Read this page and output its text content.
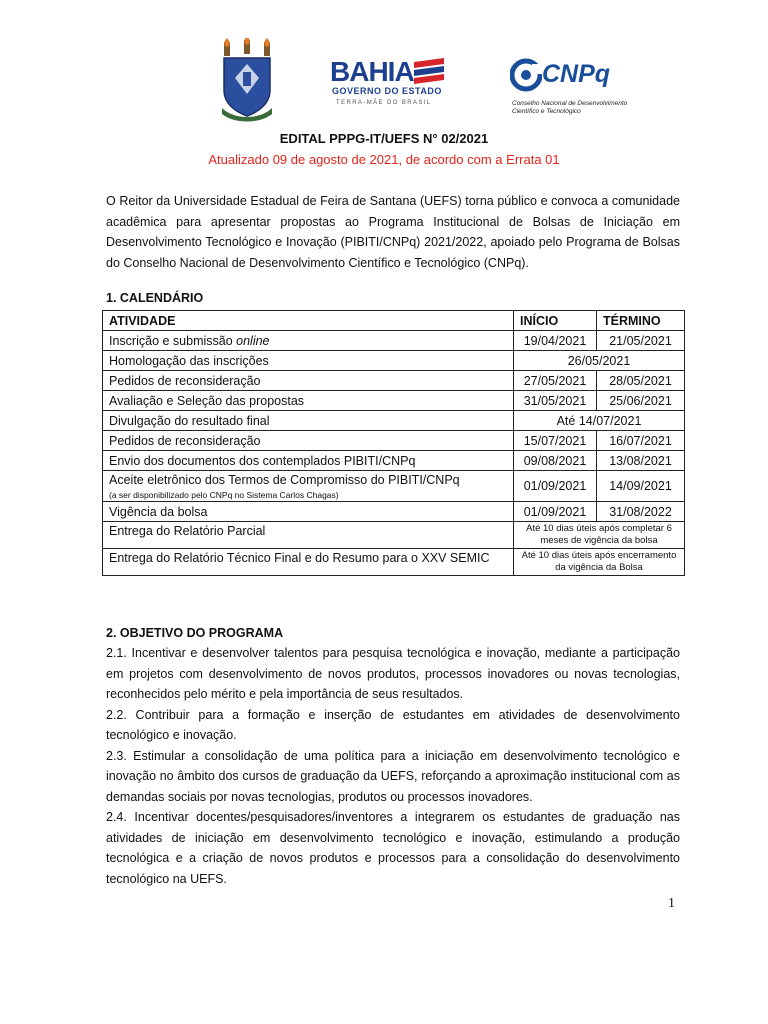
BAHIA
GOVERNO DO ESTADO
TERRA-MÃE DO BRASIL
CNPq
Conselho Nacional de Desenvolvimento Científico e Tecnológico
EDITAL PPPG-IT/UEFS N° 02/2021
Atualizado 09 de agosto de 2021, de acordo com a Errata 01
O Reitor da Universidade Estadual de Feira de Santana (UEFS) torna público e convoca a comunidade acadêmica para apresentar propostas ao Programa Institucional de Bolsas de Iniciação em Desenvolvimento Tecnológico e Inovação (PIBITI/CNPq) 2021/2022, apoiado pelo Programa de Bolsas do Conselho Nacional de Desenvolvimento Científico e Tecnológico (CNPq).
1. CALENDÁRIO
ATIVIDADE	INÍCIO	TÉRMINO
Inscrição e submissão online	19/04/2021	21/05/2021
Homologação das inscrições	26/05/2021	
Pedidos de reconsideração	27/05/2021	28/05/2021
Avaliação e Seleção das propostas	31/05/2021	25/06/2021
Divulgação do resultado final	Até 14/07/2021	
Pedidos de reconsideração	15/07/2021	16/07/2021
Envio dos documentos dos contemplados PIBITI/CNPq	09/08/2021	13/08/2021
Aceite eletrônico dos Termos de Compromisso do PIBITI/CNPq
(a ser disponibilizado pelo CNPq no Sistema Carlos Chagas)	01/09/2021	14/09/2021
Vigência da bolsa	01/09/2021	31/08/2022
Entrega do Relatório Parcial	Até 10 dias úteis após completar 6 meses de vigência da bolsa	
Entrega do Relatório Técnico Final e do Resumo para o XXV SEMIC	Até 10 dias úteis após encerramento da vigência da Bolsa	
2. OBJETIVO DO PROGRAMA

2.1. Incentivar e desenvolver talentos para pesquisa tecnológica e inovação, mediante a participação em projetos com desenvolvimento de novos produtos, processos inovadores ou novas tecnologias, reconhecidos pelo mérito e pela importância de seus resultados.

2.2. Contribuir para a formação e inserção de estudantes em atividades de desenvolvimento tecnológico e inovação.

2.3. Estimular a consolidação de uma política para a iniciação em desenvolvimento tecnológico e inovação no âmbito dos cursos de graduação da UEFS, reforçando a aproximação institucional com as demandas sociais por novas tecnologias, produtos ou processos inovadores.

2.4. Incentivar docentes/pesquisadores/inventores a integrarem os estudantes de graduação nas atividades de iniciação em desenvolvimento tecnológico e inovação, estimulando a produção tecnológica e a criação de novos produtos e processos para a consolidação do desenvolvimento tecnológico na UEFS.

1
